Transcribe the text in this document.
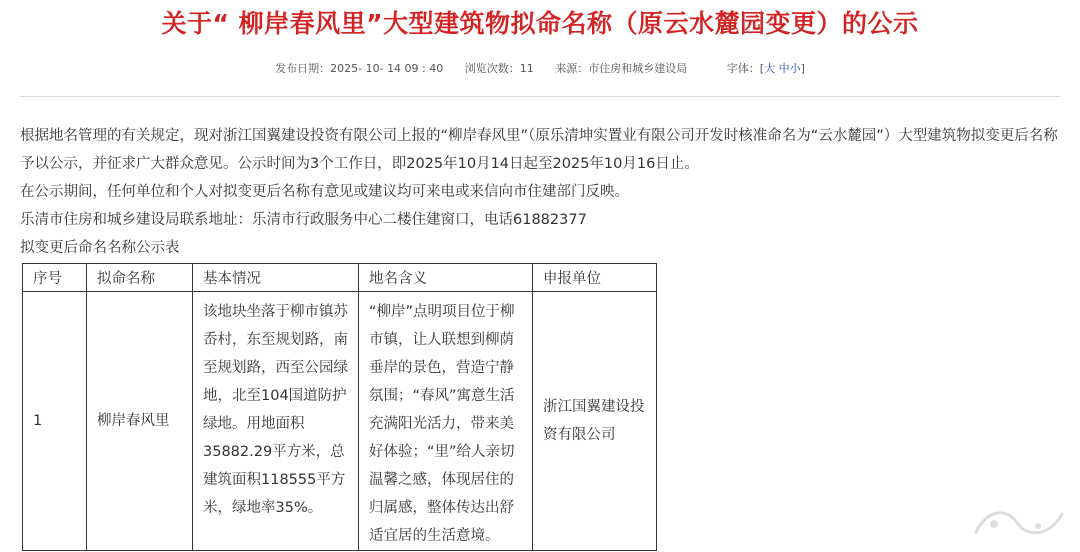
关于“ 柳岸春风里”大型建筑物拟命名称（原云水麓园变更）的公示
发布日期：2025- 10- 14 09 : 40 浏览次数：11 来源：市住房和城乡建设局	字体：[大 中小]

根据地名管理的有关规定，现对浙江国翼建设投资有限公司上报的“柳岸春风里”（原乐清坤实置业有限公司开发时核准命名为“云水麓园”）大型建筑物拟变更后名称予以公示，并征求广大群众意见。公示时间为3个工作日，即2025年10月14日起至2025年10月16日止。

在公示期间，任何单位和个人对拟变更后名称有意见或建议均可来电或来信向市住建部门反映。

乐清市住房和城乡建设局联系地址：乐清市行政服务中心二楼住建窗口，电话61882377

拟变更后命名名称公示表

序号	拟命名称	基本情况	地名含义	申报单位
1	柳岸春风里	该地块坐落于柳市镇苏岙村，东至规划路，南至规划路，西至公园绿地，北至104国道防护绿地。用地面积35882.29平方米，总建筑面积118555平方米，绿地率35%。	“柳岸”点明项目位于柳市镇，让人联想到柳荫垂岸的景色，营造宁静氛围；“春风”寓意生活充满阳光活力，带来美好体验；“里”给人亲切温馨之感，体现居住的归属感，整体传达出舒适宜居的生活意境。	浙江国翼建设投资有限公司
